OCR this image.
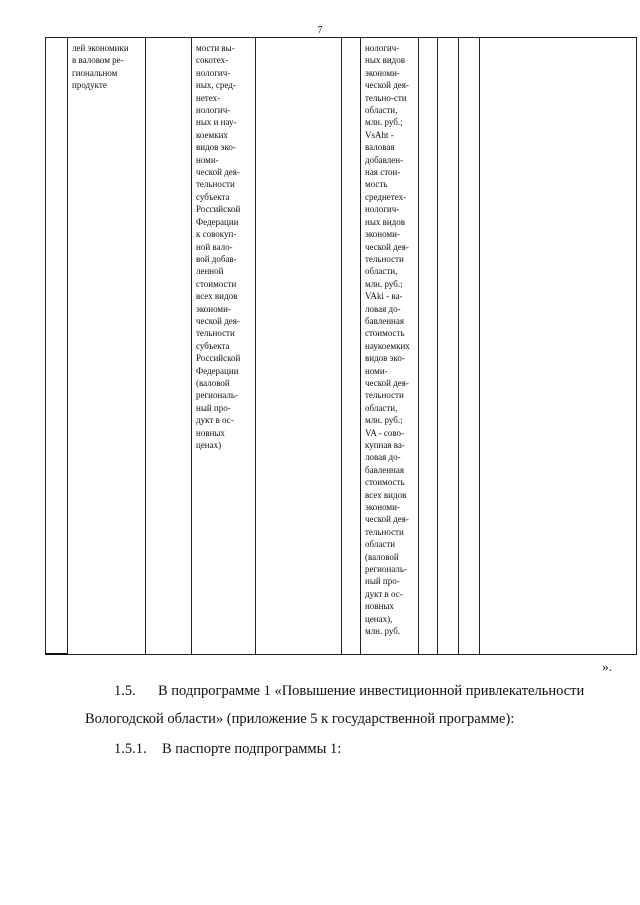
7
	лей экономики
в валовом ре-
гиональном
продукте		мости вы-
сокотех-
нологич-
ных, сред-
нетех-
нологич-
ных и нау-
коемких
видов эко-
номи-
ческой дея-
тельности
субъекта
Российской
Федерации
к совокуп-
ной вало-
вой добав-
ленной
стоимости
всех видов
экономи-
ческой дея-
тельности
субъекта
Российской
Федерации
(валовой
региональ-
ный про-
дукт в ос-
новных
ценах)			нологич-
ных видов
экономи-
ческой дея-
тельно-сти
области,
млн. руб.;
VsAht -
валовая
добавлен-
ная стои-
мость
среднетех-
нологич-
ных видов
экономи-
ческой дея-
тельности
области,
млн. руб.;
VAki - ва-
ловая до-
бавленная
стоимость
наукоемких
видов эко-
номи-
ческой дея-
тельности
области,
млн. руб.;
VA - сово-
купная ва-
ловая до-
бавленная
стоимость
всех видов
экономи-
ческой дея-
тельности
области
(валовой
региональ-
ный про-
дукт в ос-
новных
ценах),
млн. руб.				
».
1.5. В подпрограмме 1 «Повышение инвестиционной привлекательности
Вологодской области» (приложение 5 к государственной программе):
1.5.1. В паспорте подпрограммы 1:
